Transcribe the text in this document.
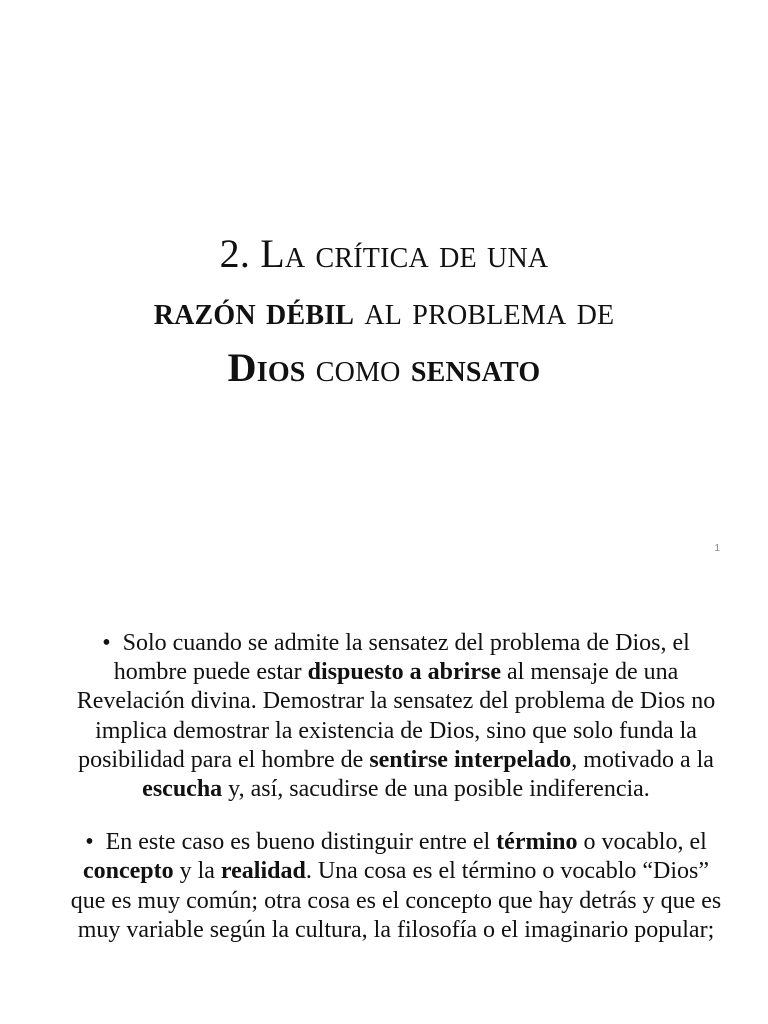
2. La crítica de una
razón débil al problema de
Dios como sensato
1

• Solo cuando se admite la sensatez del problema de Dios, el hombre puede estar dispuesto a abrirse al mensaje de una Revelación divina. Demostrar la sensatez del problema de Dios no implica demostrar la existencia de Dios, sino que solo funda la posibilidad para el hombre de sentirse interpelado, motivado a la escucha y, así, sacudirse de una posible indiferencia.

• En este caso es bueno distinguir entre el término o vocablo, el concepto y la realidad. Una cosa es el término o vocablo “Dios” que es muy común; otra cosa es el concepto que hay detrás y que es muy variable según la cultura, la filosofía o el imaginario popular;
